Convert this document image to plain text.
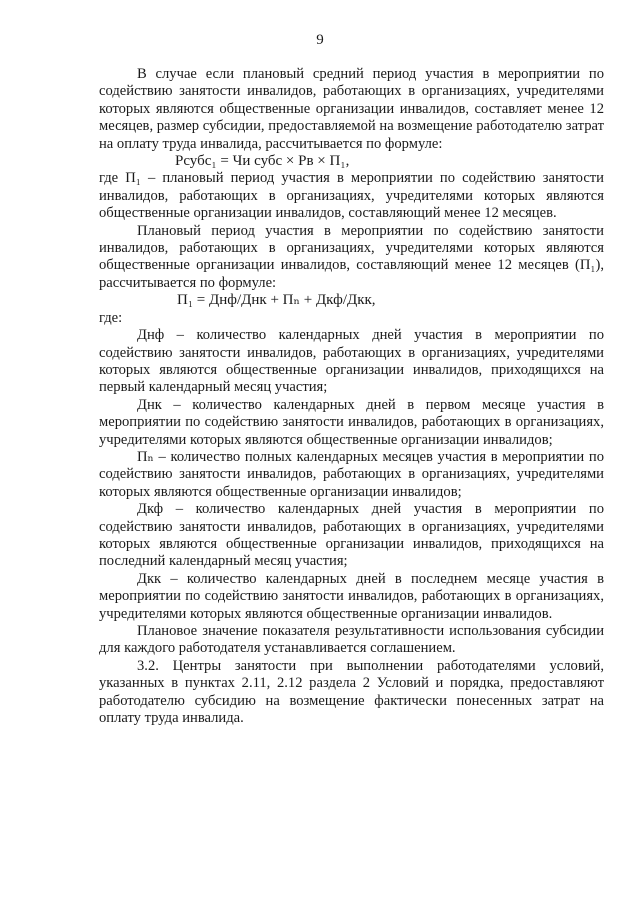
9

В случае если плановый средний период участия в мероприятии по содействию занятости инвалидов, работающих в организациях, учредителями которых являются общественные организации инвалидов, составляет менее 12 месяцев, размер субсидии, предоставляемой на возмещение работодателю затрат на оплату труда инвалида, рассчитывается по формуле:

Рсубс₁ = Чи субс × Рв × П₁,

где П₁ – плановый период участия в мероприятии по содействию занятости инвалидов, работающих в организациях, учредителями которых являются общественные организации инвалидов, составляющий менее 12 месяцев.

Плановый период участия в мероприятии по содействию занятости инвалидов, работающих в организациях, учредителями которых являются общественные организации инвалидов, составляющий менее 12 месяцев (П₁), рассчитывается по формуле:

П₁ = Днф/Днк + Пₙ + Дкф/Дкк,

где:

Днф – количество календарных дней участия в мероприятии по содействию занятости инвалидов, работающих в организациях, учредителями которых являются общественные организации инвалидов, приходящихся на первый календарный месяц участия;

Днк – количество календарных дней в первом месяце участия в мероприятии по содействию занятости инвалидов, работающих в организациях, учредителями которых являются общественные организации инвалидов;

Пₙ – количество полных календарных месяцев участия в мероприятии по содействию занятости инвалидов, работающих в организациях, учредителями которых являются общественные организации инвалидов;

Дкф – количество календарных дней участия в мероприятии по содействию занятости инвалидов, работающих в организациях, учредителями которых являются общественные организации инвалидов, приходящихся на последний календарный месяц участия;

Дкк – количество календарных дней в последнем месяце участия в мероприятии по содействию занятости инвалидов, работающих в организациях, учредителями которых являются общественные организации инвалидов.

Плановое значение показателя результативности использования субсидии для каждого работодателя устанавливается соглашением.

3.2. Центры занятости при выполнении работодателями условий, указанных в пунктах 2.11, 2.12 раздела 2 Условий и порядка, предоставляют работодателю субсидию на возмещение фактически понесенных затрат на оплату труда инвалида.
